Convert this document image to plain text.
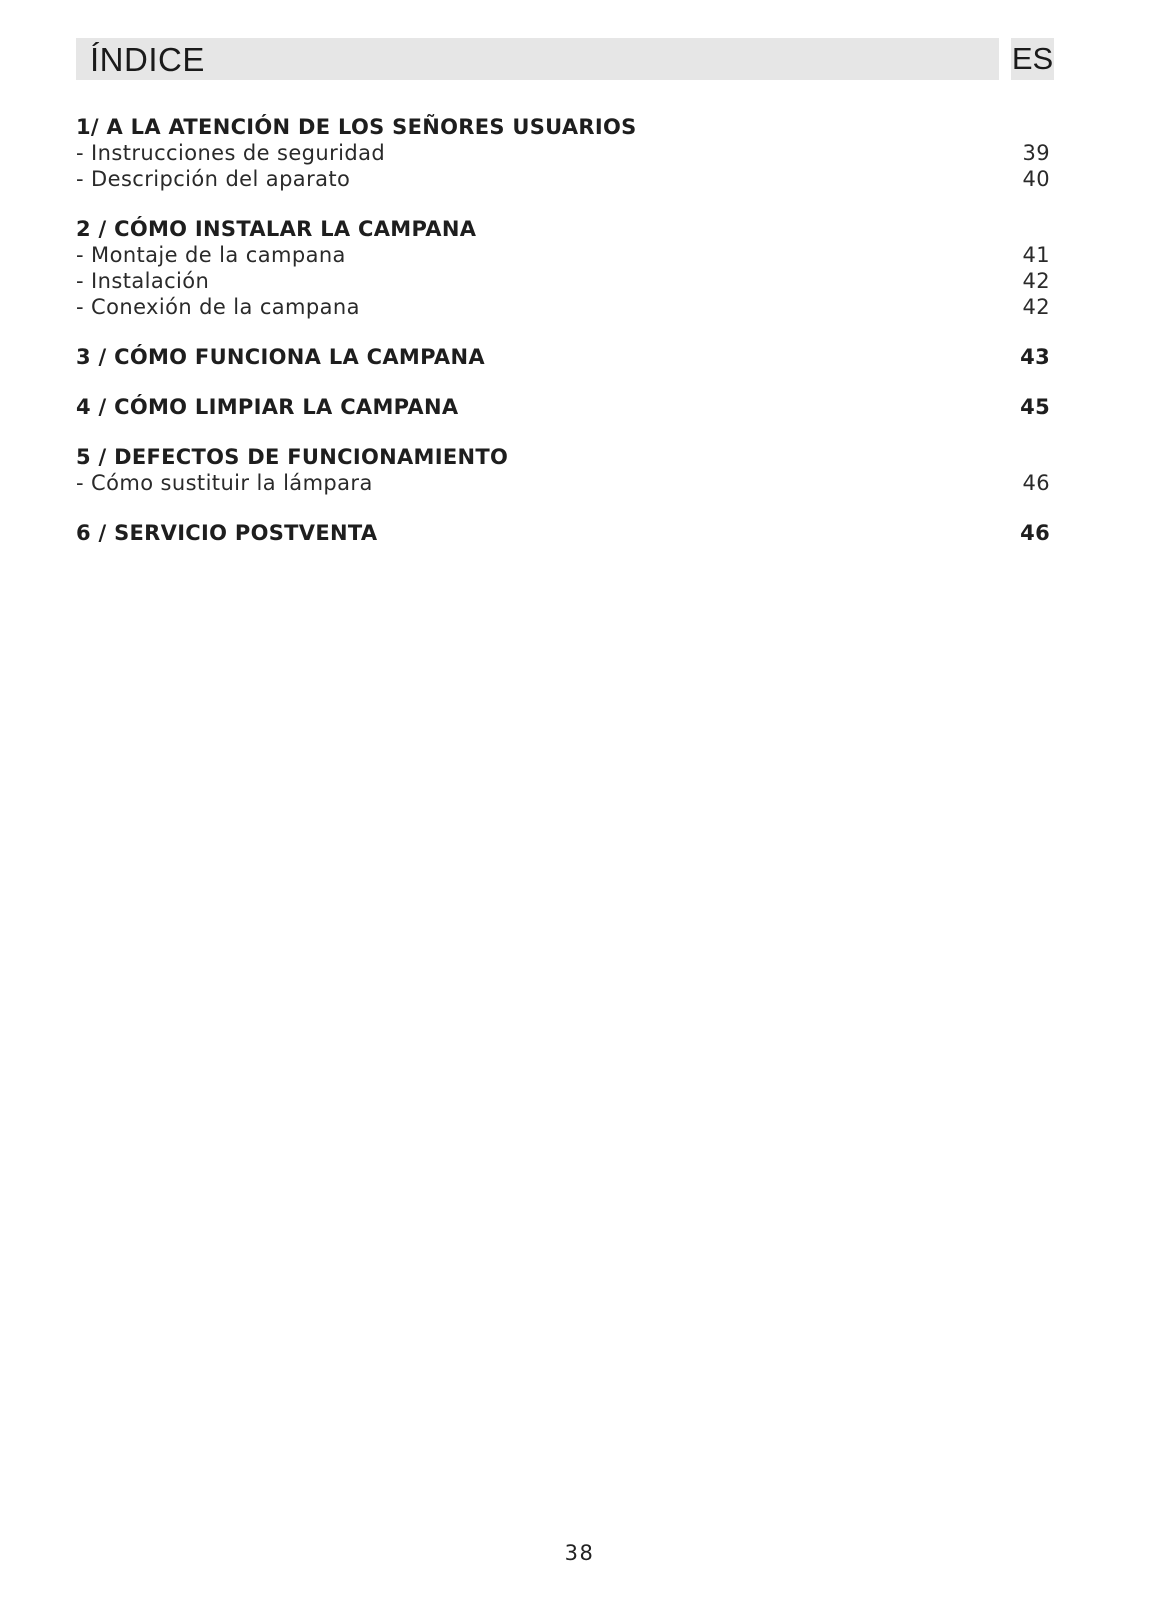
ÍNDICE	ES
1/ A LA ATENCIÓN DE LOS SEÑORES USUARIOS
- Instrucciones de seguridad	39
- Descripción del aparato	40
2 / CÓMO INSTALAR LA CAMPANA
- Montaje de la campana	41
- Instalación	42
- Conexión de la campana	42
3 / CÓMO FUNCIONA LA CAMPANA	43
4 / CÓMO LIMPIAR LA CAMPANA	45
5 / DEFECTOS DE FUNCIONAMIENTO
- Cómo sustituir la lámpara	46
6 / SERVICIO POSTVENTA	46
38
